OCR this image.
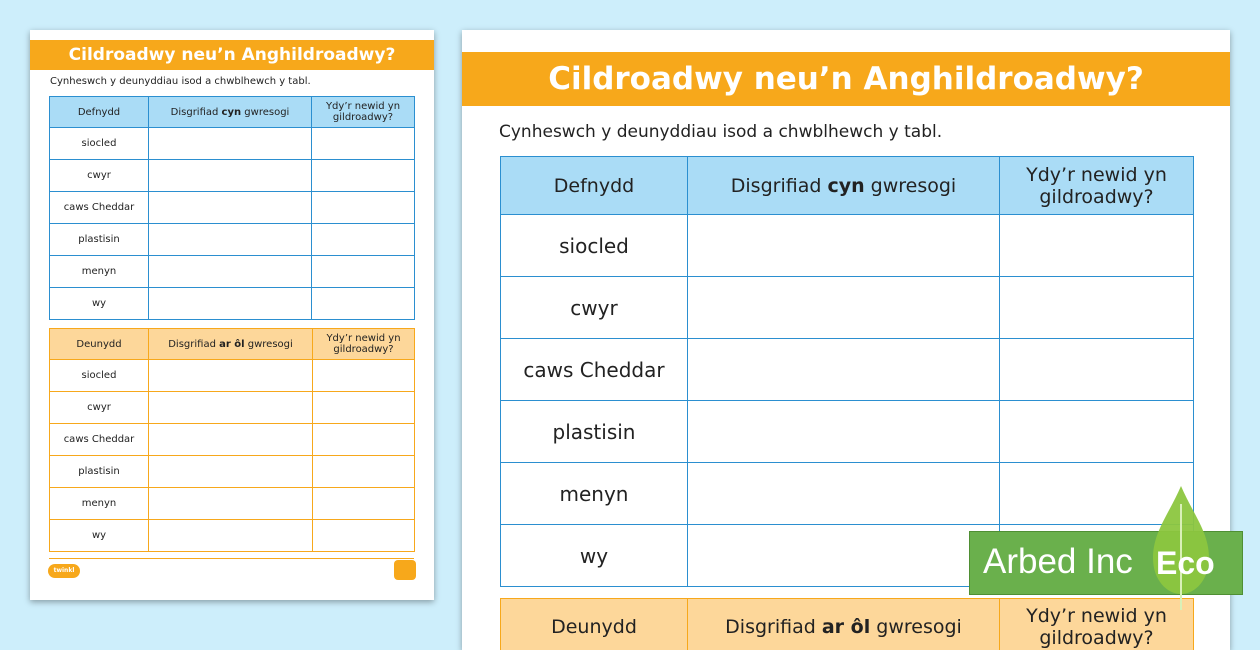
Cildroadwy neu’n Anghildroadwy?
Cynheswch y deunyddiau isod a chwblhewch y tabl.
Defnydd	Disgrifiad cyn gwresogi	Ydy’r newid yn gildroadwy?
siocled		
cwyr		
caws Cheddar		
plastisin		
menyn		
wy		
Deunydd	Disgrifiad ar ôl gwresogi	Ydy’r newid yn gildroadwy?
siocled		
cwyr		
caws Cheddar		
plastisin		
menyn		
wy		
twinkl
Cildroadwy neu’n Anghildroadwy?
Cynheswch y deunyddiau isod a chwblhewch y tabl.
Defnydd	Disgrifiad cyn gwresogi	Ydy’r newid yn gildroadwy?
siocled		
cwyr		
caws Cheddar		
plastisin		
menyn		
wy		
Deunydd	Disgrifiad ar ôl gwresogi	Ydy’r newid yn gildroadwy?
Arbed Inc Eco
